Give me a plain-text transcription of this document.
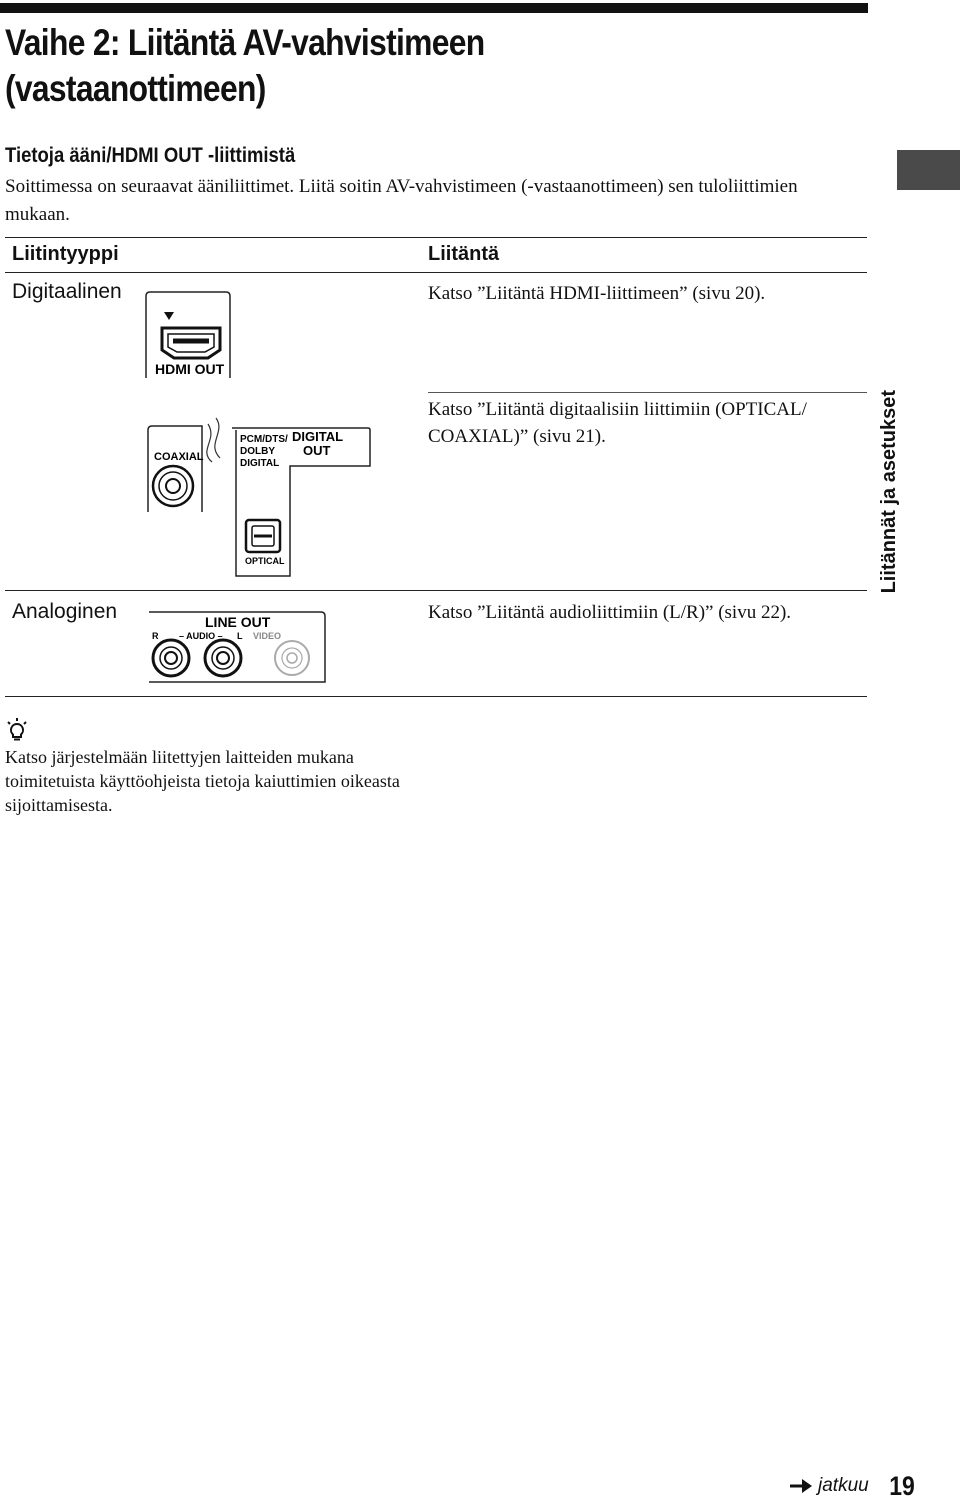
Vaihe 2: Liitäntä AV-vahvistimeen
(vastaanottimeen)
Tietoja ääni/HDMI OUT -liittimistä
Soittimessa on seuraavat ääniliittimet. Liitä soitin AV-vahvistimeen (-vastaanottimeen) sen tuloliittimien mukaan.
Liitintyyppi	Liitäntä
Digitaalinen
Analoginen
Katso ”Liitäntä HDMI-liittimeen” (sivu 20).
Katso ”Liitäntä digitaalisiin liittimiin (OPTICAL/ COAXIAL)” (sivu 21).
Katso ”Liitäntä audioliittimiin (L/R)” (sivu 22).
HDMI OUT
COAXIAL
PCM/DTS/
DOLBY
DIGITAL
DIGITAL
OUT
OPTICAL
LINE OUT
R – AUDIO – L VIDEO
Liitännät ja asetukset
Katso järjestelmään liitettyjen laitteiden mukana toimitetuista käyttöohjeista tietoja kaiuttimien oikeasta sijoittamisesta.
jatkuu 19
